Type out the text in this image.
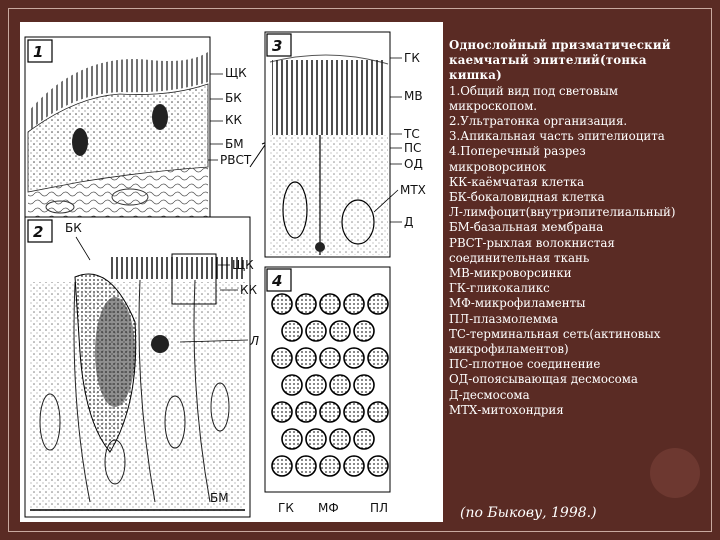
1
ЩК
БК
КК
БМ
РВСТ
2 БК
ЩК
КК
Л
БМ
3
ГК
МВ
ТС
ПС
ОД
МТХ
Д
4
ГК МФ	ПЛ
Однослойный призматический
каемчатый эпителий(тонка
кишка)
1.Общий вид под световым
микроскопом.
2.Ультратонка организация.
3.Апикальная часть эпителиоцита
4.Поперечный разрез
микроворсинок
КК-каёмчатая клетка
БК-бокаловидная клетка
Л-лимфоцит(внутриэпителиальный)
БМ-базальная мембрана
РВСТ-рыхлая волокнистая
соединительная ткань
МВ-микроворсинки
ГК-гликокаликс
МФ-микрофиламенты
ПЛ-плазмолемма
ТС-терминальная сеть(актиновых
микрофиламентов)
ПС-плотное соединение
ОД-опоясывающая десмосома
Д-десмосома
МТХ-митохондрия
(по Быкову, 1998.)
